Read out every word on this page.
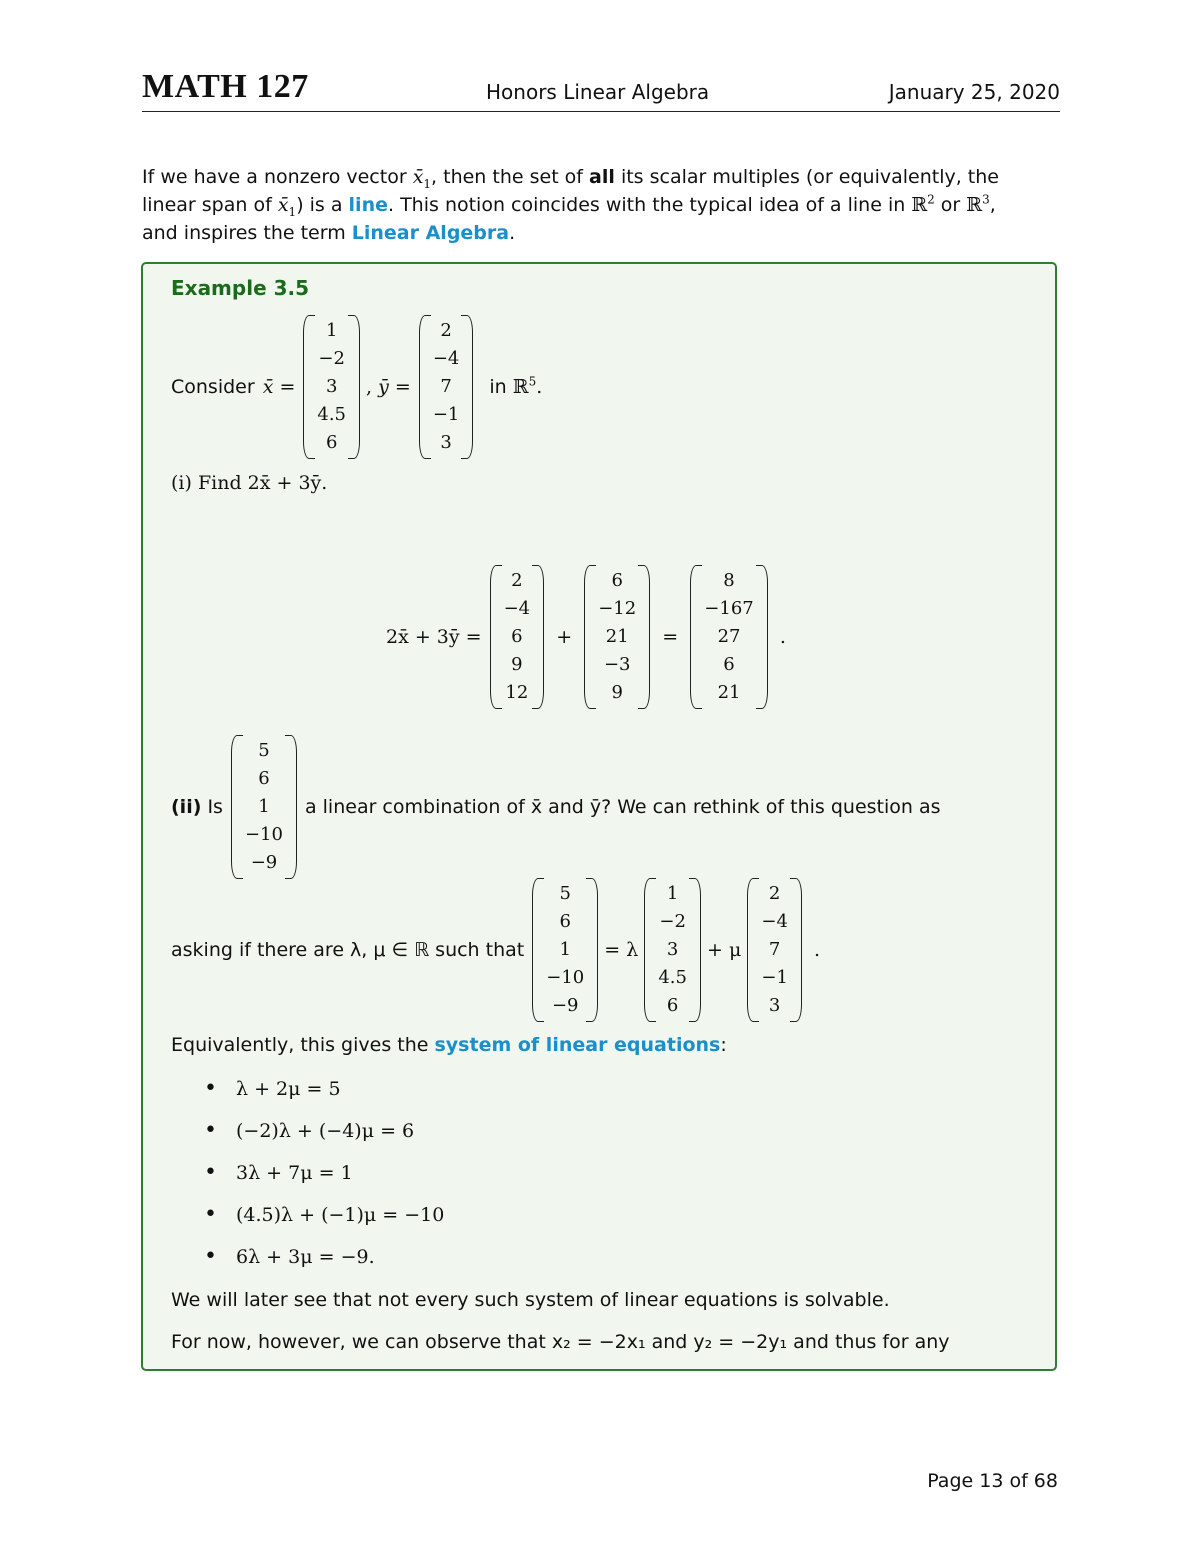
MATH 127	Honors Linear Algebra	January 25, 2020
If we have a nonzero vector $x̄_1$, then the set of all its scalar multiples (or equivalently, the
linear span of $x̄_1$) is a line. This notion coincides with the typical idea of a line in ℝ$^2$ or ℝ$^3$,
and inspires the term Linear Algebra.
Example 3.5
Consider x̄ =
1
−2
3
4.5
6
, ȳ =
2
−4
7
−1
3
in
ℝ$^5$.
(i) Find 2x̄ + 3ȳ.
2x̄ + 3ȳ =
2
−4
6
9
12
+
6
−12
21
−3
9
=
8
−167
27
6
21
.
(ii)
Is
5
6
1
−10
−9
a linear combination of x̄ and ȳ? We can rethink of this question as
asking if there are λ, μ ∈ ℝ such that
5
6
1
−10
−9
= λ
1
−2
3
4.5
6
+ μ
2
−4
7
−1
3
.
Equivalently, this gives the system of linear equations:
• λ + 2μ = 5
• (−2)λ + (−4)μ = 6
• 3λ + 7μ = 1
• (4.5)λ + (−1)μ = −10
• 6λ + 3μ = −9.
We will later see that not every such system of linear equations is solvable.
For now, however, we can observe that x₂ = −2x₁ and y₂ = −2y₁ and thus for any
Page 13 of 68
